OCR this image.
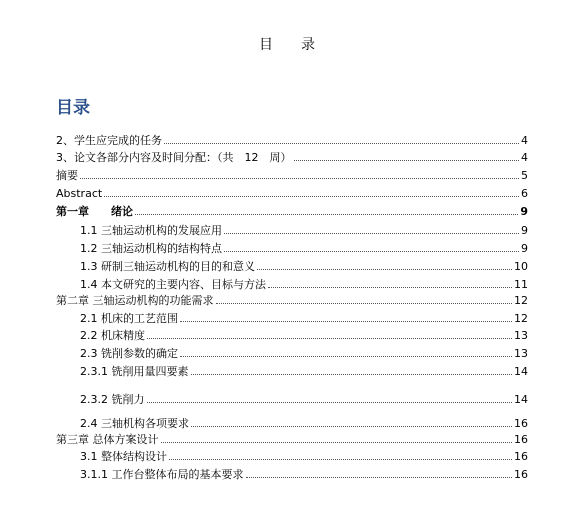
目 录
目录
2、学生应完成的任务	4
3、论文各部分内容及时间分配：（共　12　周）	4
摘要	5
Abstract	6
第一章　　绪论	9
1.1 三轴运动机构的发展应用	9
1.2 三轴运动机构的结构特点	9
1.3 研制三轴运动机构的目的和意义	10
1.4 本文研究的主要内容、目标与方法	11
第二章 三轴运动机构的功能需求	12
2.1 机床的工艺范围	12
2.2 机床精度	13
2.3 铣削参数的确定	13
2.3.1 铣削用量四要素	14
2.3.2 铣削力	14
2.4 三轴机构各项要求	16
第三章 总体方案设计	16
3.1 整体结构设计	16
3.1.1 工作台整体布局的基本要求	16
